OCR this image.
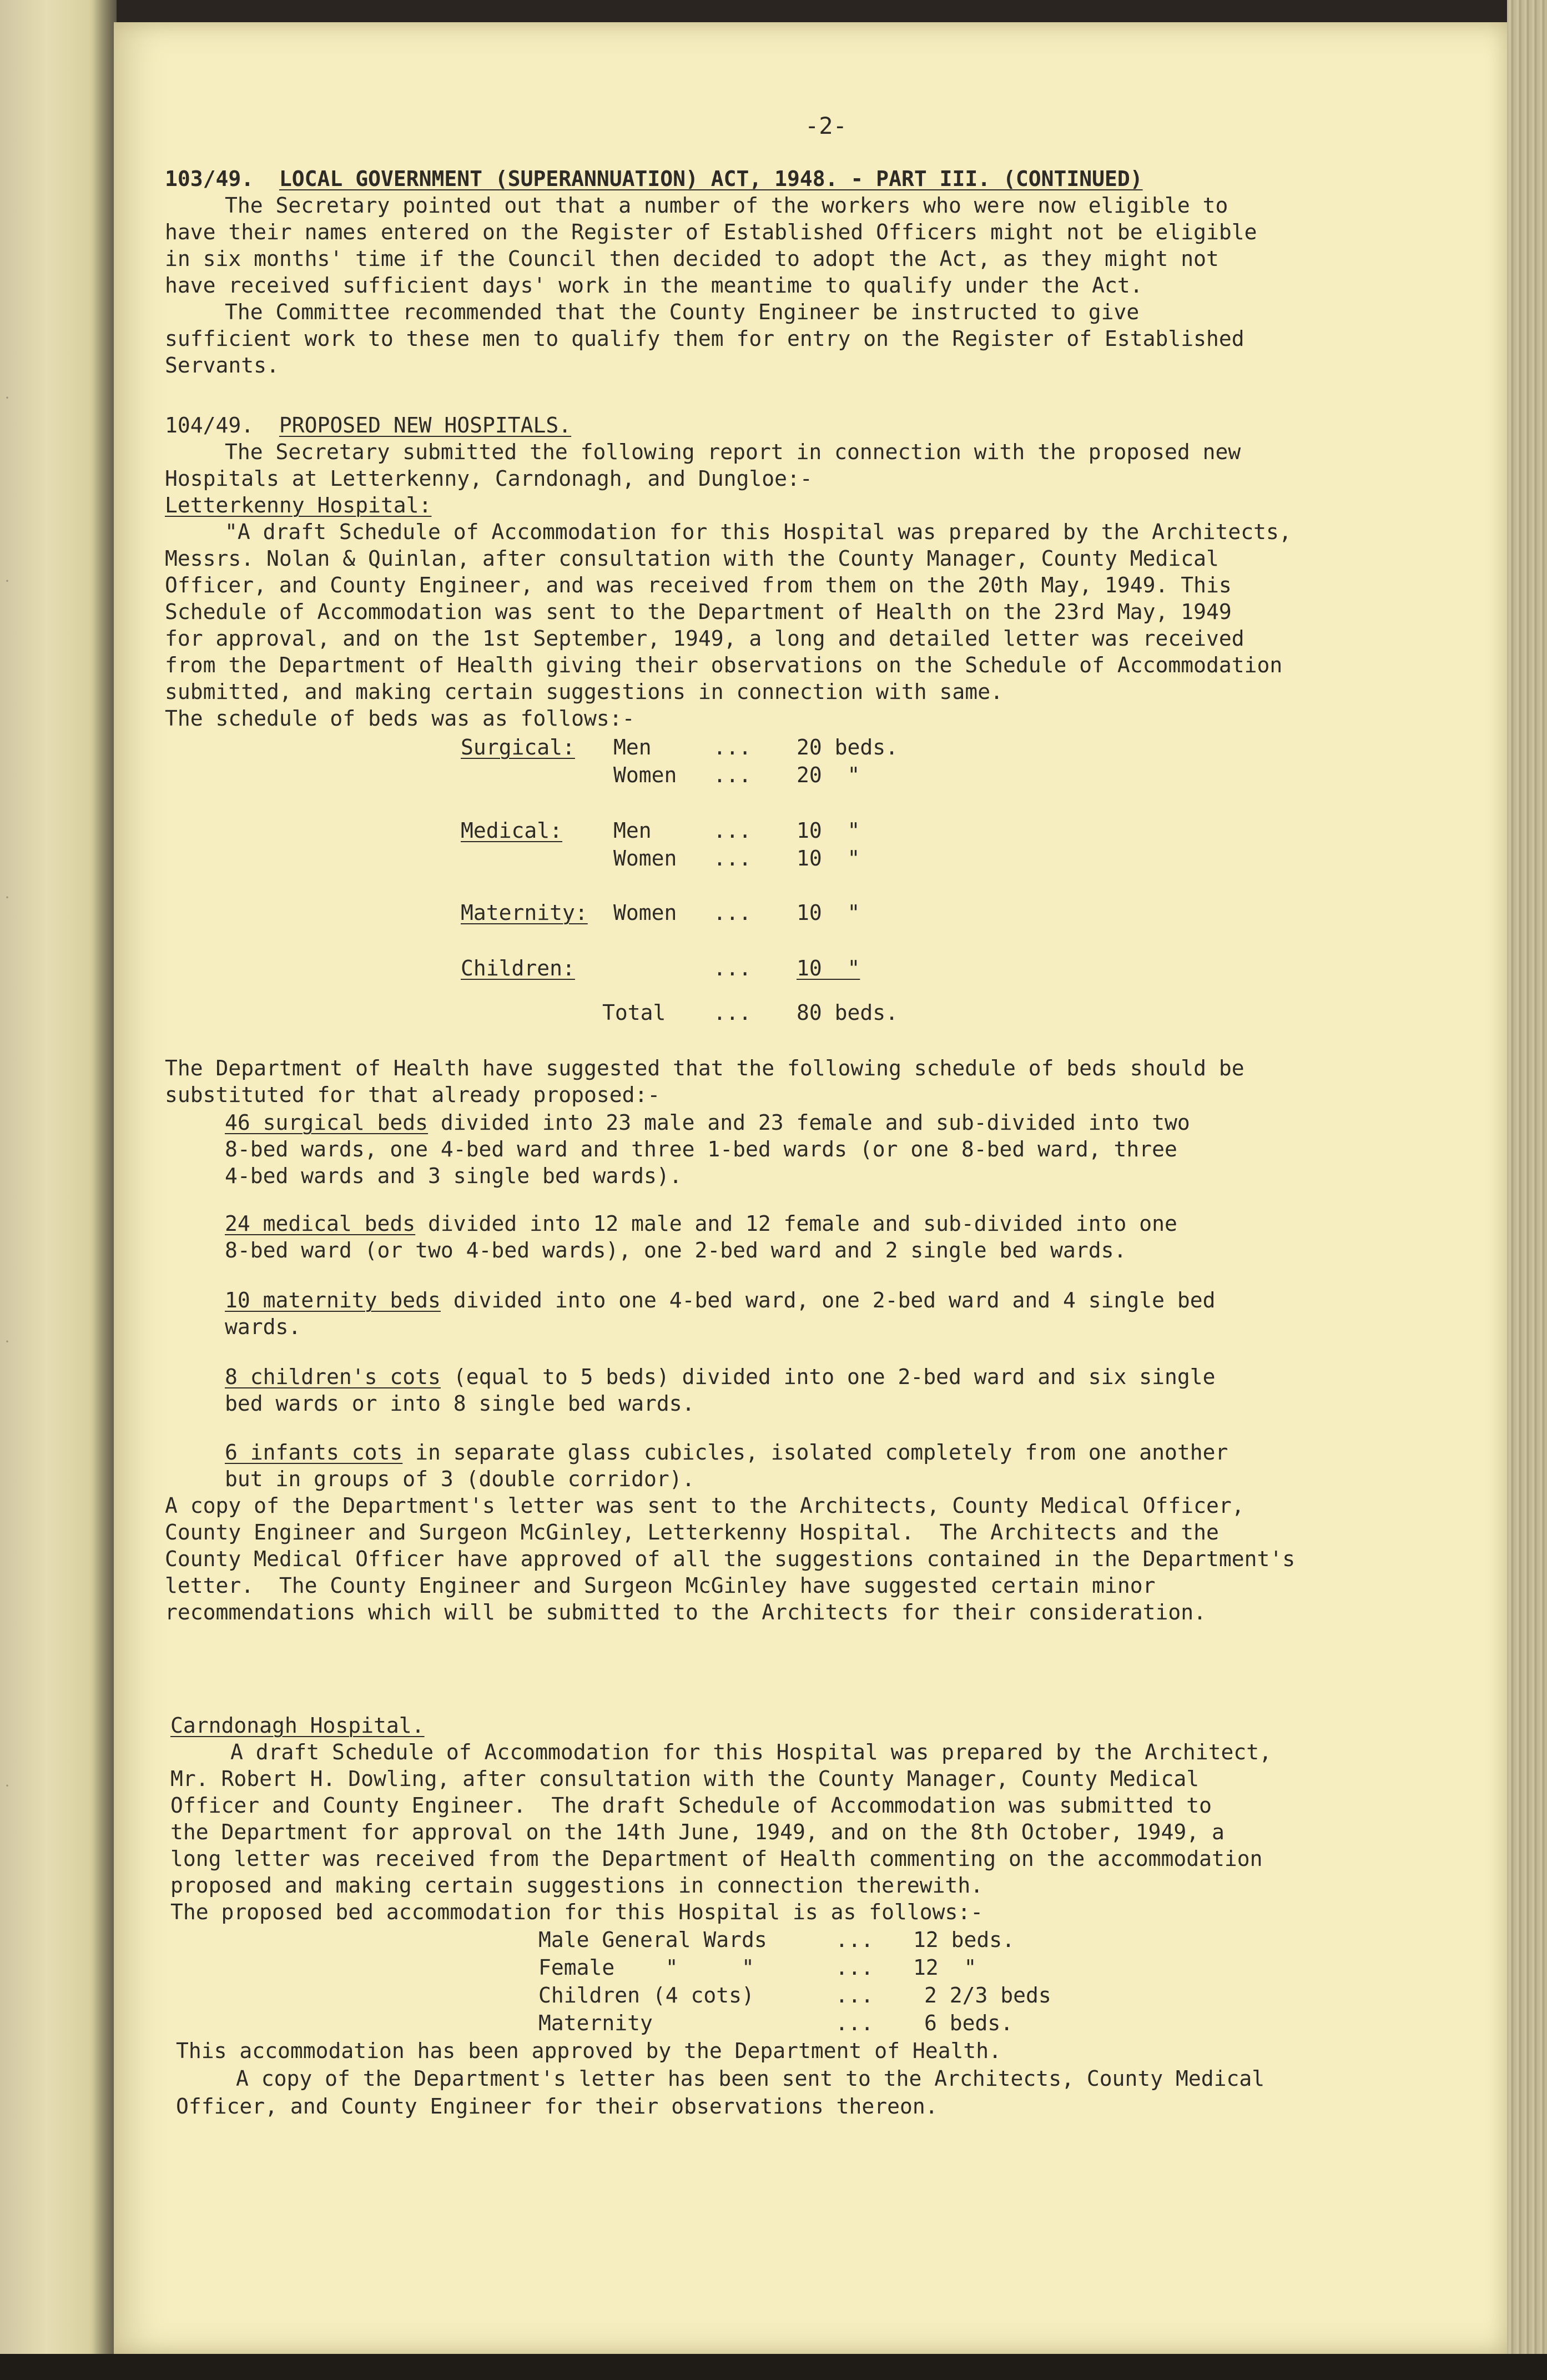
·
·
·
·
·
-2-
103/49. LOCAL GOVERNMENT (SUPERANNUATION) ACT, 1948. - PART III. (CONTINUED)
The Secretary pointed out that a number of the workers who were now eligible to
have their names entered on the Register of Established Officers might not be eligible
in six months' time if the Council then decided to adopt the Act, as they might not
have received sufficient days' work in the meantime to qualify under the Act.
The Committee recommended that the County Engineer be instructed to give
sufficient work to these men to qualify them for entry on the Register of Established
Servants.
104/49. PROPOSED NEW HOSPITALS.
The Secretary submitted the following report in connection with the proposed new
Hospitals at Letterkenny, Carndonagh, and Dungloe:-
Letterkenny Hospital:
"A draft Schedule of Accommodation for this Hospital was prepared by the Architects,
Messrs. Nolan & Quinlan, after consultation with the County Manager, County Medical
Officer, and County Engineer, and was received from them on the 20th May, 1949. This
Schedule of Accommodation was sent to the Department of Health on the 23rd May, 1949
for approval, and on the 1st September, 1949, a long and detailed letter was received
from the Department of Health giving their observations on the Schedule of Accommodation
submitted, and making certain suggestions in connection with same.
The schedule of beds was as follows:-
Surgical: Men	... 20 beds.
Women ... 20  "
Medical: Men	... 10  "
Women ... 10  "
Maternity: Women ... 10  "
Children:	... 10  "
Total ... 80 beds.
The Department of Health have suggested that the following schedule of beds should be
substituted for that already proposed:-
46 surgical beds divided into 23 male and 23 female and sub-divided into two
8-bed wards, one 4-bed ward and three 1-bed wards (or one 8-bed ward, three
4-bed wards and 3 single bed wards).
24 medical beds divided into 12 male and 12 female and sub-divided into one
8-bed ward (or two 4-bed wards), one 2-bed ward and 2 single bed wards.
10 maternity beds divided into one 4-bed ward, one 2-bed ward and 4 single bed
wards.
8 children's cots (equal to 5 beds) divided into one 2-bed ward and six single
bed wards or into 8 single bed wards.
6 infants cots in separate glass cubicles, isolated completely from one another
but in groups of 3 (double corridor).
A copy of the Department's letter was sent to the Architects, County Medical Officer,
County Engineer and Surgeon McGinley, Letterkenny Hospital.  The Architects and the
County Medical Officer have approved of all the suggestions contained in the Department's
letter.  The County Engineer and Surgeon McGinley have suggested certain minor
recommendations which will be submitted to the Architects for their consideration.
Carndonagh Hospital.
A draft Schedule of Accommodation for this Hospital was prepared by the Architect,
Mr. Robert H. Dowling, after consultation with the County Manager, County Medical
Officer and County Engineer.  The draft Schedule of Accommodation was submitted to
the Department for approval on the 14th June, 1949, and on the 8th October, 1949, a
long letter was received from the Department of Health commenting on the accommodation
proposed and making certain suggestions in connection therewith.
The proposed bed accommodation for this Hospital is as follows:-
Male General Wards	... 12 beds.
Female    "     "	... 12  "
Children (4 cots)	... 2 2/3 beds
Maternity	... 6 beds.
This accommodation has been approved by the Department of Health.
A copy of the Department's letter has been sent to the Architects, County Medical
Officer, and County Engineer for their observations thereon.
